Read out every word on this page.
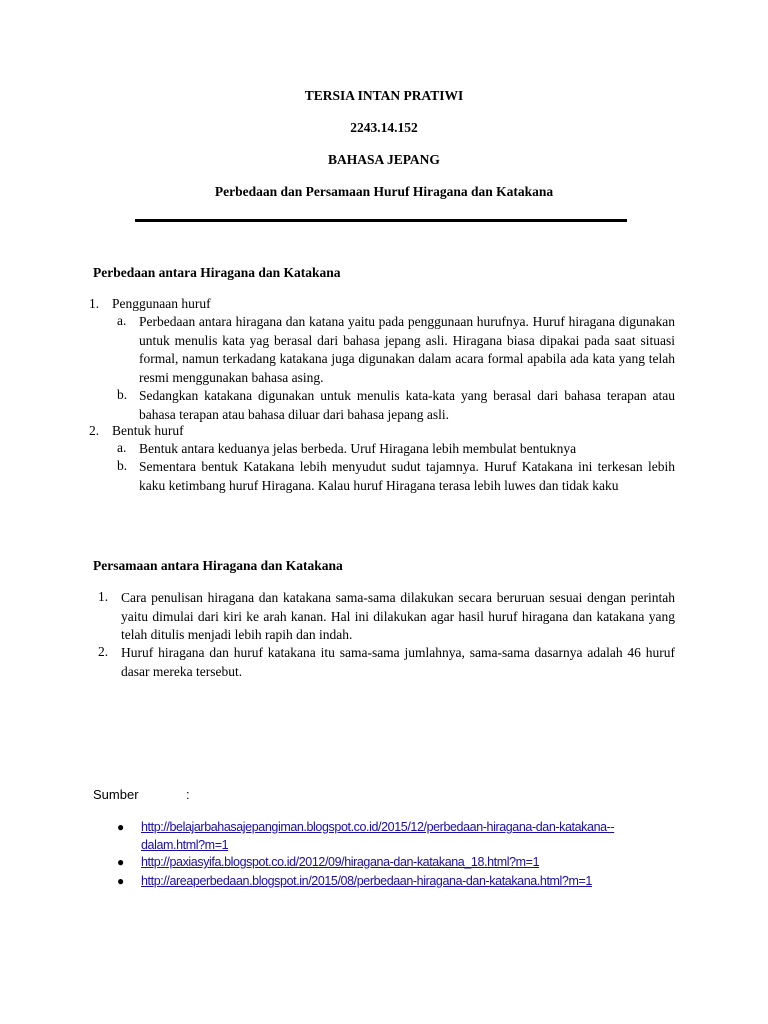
TERSIA INTAN PRATIWI
2243.14.152
BAHASA JEPANG
Perbedaan dan Persamaan Huruf Hiragana dan Katakana
Perbedaan antara Hiragana dan Katakana
1. Penggunaan huruf
a. Perbedaan antara hiragana dan katana yaitu pada penggunaan hurufnya. Huruf hiragana digunakan untuk menulis kata yag berasal dari bahasa jepang asli. Hiragana biasa dipakai pada saat situasi formal, namun terkadang katakana juga digunakan dalam acara formal apabila ada kata yang telah resmi menggunakan bahasa asing.
b. Sedangkan katakana digunakan untuk menulis kata-kata yang berasal dari bahasa terapan atau bahasa terapan atau bahasa diluar dari bahasa jepang asli.
2. Bentuk huruf
a. Bentuk antara keduanya jelas berbeda. Uruf Hiragana lebih membulat bentuknya
b. Sementara bentuk Katakana lebih menyudut sudut tajamnya. Huruf Katakana ini terkesan lebih kaku ketimbang huruf Hiragana. Kalau huruf Hiragana terasa lebih luwes dan tidak kaku
Persamaan antara Hiragana dan Katakana
1. Cara penulisan hiragana dan katakana sama-sama dilakukan secara beruruan sesuai dengan perintah yaitu dimulai dari kiri ke arah kanan. Hal ini dilakukan agar hasil huruf hiragana dan katakana yang telah ditulis menjadi lebih rapih dan indah.
2. Huruf hiragana dan huruf katakana itu sama-sama jumlahnya, sama-sama dasarnya adalah 46 huruf dasar mereka tersebut.
Sumber	:
● http://belajarbahasajepangiman.blogspot.co.id/2015/12/perbedaan-hiragana-dan-katakana--dalam.html?m=1
● http://paxiasyifa.blogspot.co.id/2012/09/hiragana-dan-katakana_18.html?m=1
● http://areaperbedaan.blogspot.in/2015/08/perbedaan-hiragana-dan-katakana.html?m=1
